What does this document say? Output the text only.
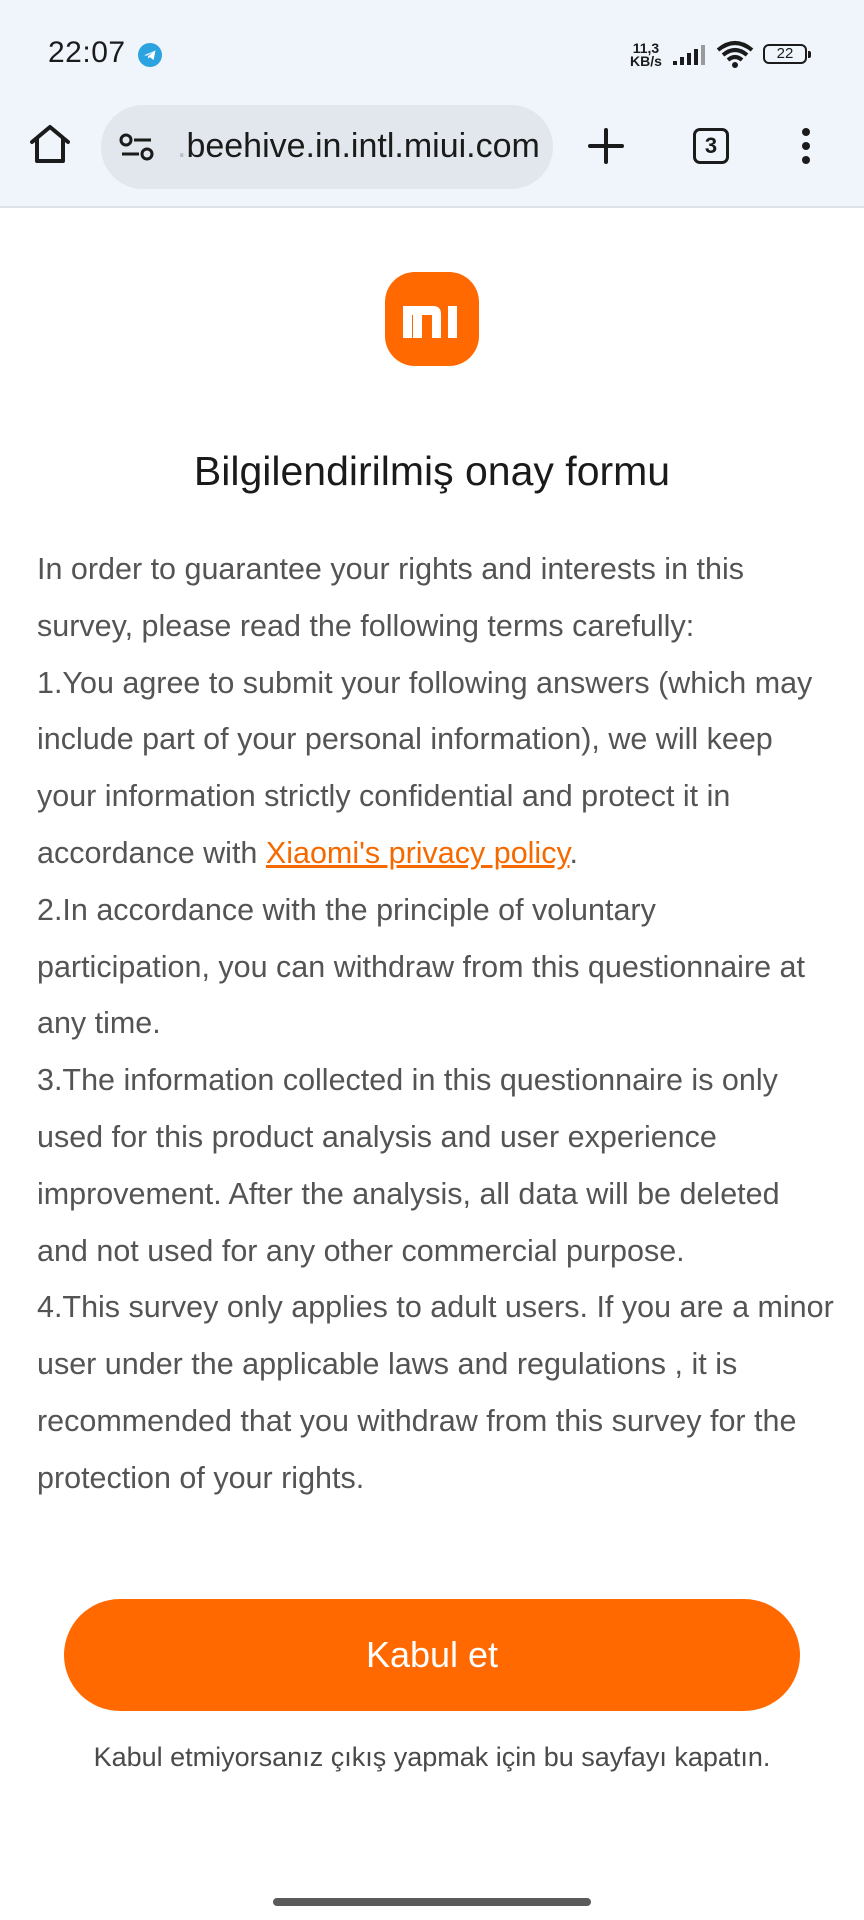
22:07	11,3
KB/s	22
.beehive.in.intl.miui.com	3
Bilgilendirilmiş onay formu

In order to guarantee your rights and interests in this survey, please read the following terms carefully:

1.You agree to submit your following answers (which may include part of your personal information), we will keep your information strictly confidential and protect it in accordance with Xiaomi's privacy policy.

2.In accordance with the principle of voluntary participation, you can withdraw from this questionnaire at any time.

3.The information collected in this questionnaire is only used for this product analysis and user experience improvement. After the analysis, all data will be deleted and not used for any other commercial purpose.

4.This survey only applies to adult users. If you are a minor user under the applicable laws and regulations , it is recommended that you withdraw from this survey for the protection of your rights.

Kabul et
Kabul etmiyorsanız çıkış yapmak için bu sayfayı kapatın.
